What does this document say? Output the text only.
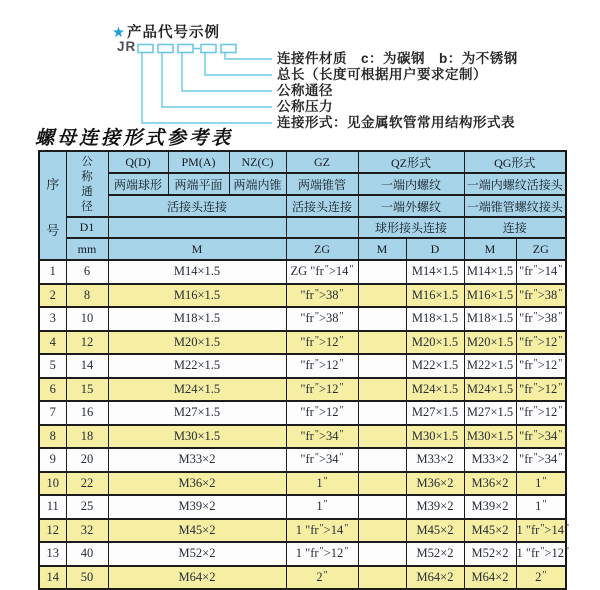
★产品代号示例
JR
连接件材质　c：为碳钢　b：为不锈钢
总长（长度可根据用户要求定制）
公称通径
公称压力
连接形式：见金属软管常用结构形式表
螺母连接形式参考表
序号	公称通径	Q(D)	PM(A)	NZ(C)	GZ	QZ形式		QG形式	
		两端球形	两端平面	两端内锥	两端锥管	一端内螺纹		一端内螺纹活接头	
		活接头连接			活接头连接	一端外螺纹		一端锥管螺纹接头	
	D1					球形接头连接		连接	
	mm	M			ZG	M	D	M	ZG
1	6	M14×1.5			ZG "fr">14"		M14×1.5	M14×1.5	"fr">14"
2	8	M16×1.5			"fr">38"		M16×1.5	M16×1.5	"fr">38"
3	10	M18×1.5			"fr">38"		M18×1.5	M18×1.5	"fr">38"
4	12	M20×1.5			"fr">12"		M20×1.5	M20×1.5	"fr">12"
5	14	M22×1.5			"fr">12"		M22×1.5	M22×1.5	"fr">12"
6	15	M24×1.5			"fr">12"		M24×1.5	M24×1.5	"fr">12"
7	16	M27×1.5			"fr">12"		M27×1.5	M27×1.5	"fr">12"
8	18	M30×1.5			"fr">34"		M30×1.5	M30×1.5	"fr">34"
9	20	M33×2			"fr">34"		M33×2	M33×2	"fr">34"
10	22	M36×2			1"		M36×2	M36×2	1"
11	25	M39×2			1"		M39×2	M39×2	1"
12	32	M45×2			1 "fr">14"		M45×2	M45×2	1 "fr">14"
13	40	M52×2			1 "fr">12"		M52×2	M52×2	1 "fr">12"
14	50	M64×2			2"		M64×2	M64×2	2"
